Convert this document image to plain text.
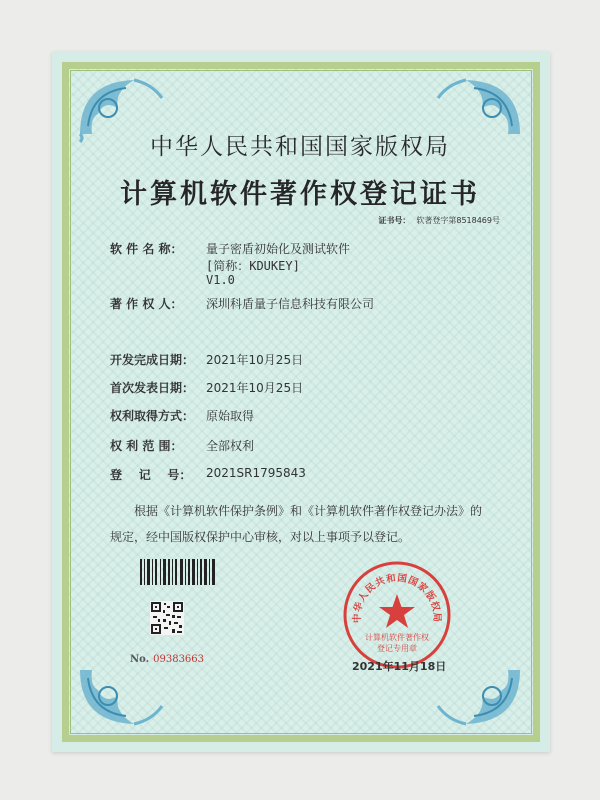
中华人民共和国国家版权局
计算机软件著作权登记证书
证书号： 软著登字第8518469号
软 件 名 称： 量子密盾初始化及测试软件
[简称：KDUKEY]
V1.0
著 作 权 人： 深圳科盾量子信息科技有限公司
开发完成日期： 2021年10月25日
首次发表日期： 2021年10月25日
权利取得方式： 原始取得
权 利 范 围： 全部权利
登    记    号： 2021SR1795843
根据《计算机软件保护条例》和《计算机软件著作权登记办法》的
规定，经中国版权保护中心审核，对以上事项予以登记。
No. 09383663
中华人民共和国国家版权局
计算机软件著作权
登记专用章
2021年11月18日
